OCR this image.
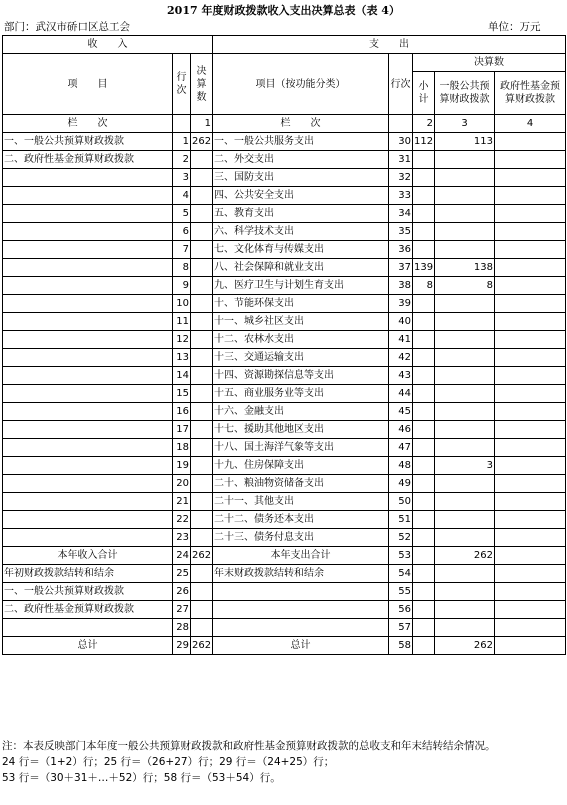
2017 年度财政拨款收入支出决算总表（表 4）
部门：武汉市硚口区总工会	单位：万元
收　　入			支　　出				
项　　目	行次	决算数	项目（按功能分类）	行次	决算数		
					小计	一般公共预算财政拨款	政府性基金预算财政拨款
栏　　次		1	栏　　次		2	3	4
一、一般公共预算财政拨款	1	262	一、一般公共服务支出	30	112	113	
二、政府性基金预算财政拨款	2		二、外交支出	31			
	3		三、国防支出	32			
	4		四、公共安全支出	33			
	5		五、教育支出	34			
	6		六、科学技术支出	35			
	7		七、文化体育与传媒支出	36			
	8		八、社会保障和就业支出	37	139	138	
	9		九、医疗卫生与计划生育支出	38	8	8	
	10		十、节能环保支出	39			
	11		十一、城乡社区支出	40			
	12		十二、农林水支出	41			
	13		十三、交通运输支出	42			
	14		十四、资源勘探信息等支出	43			
	15		十五、商业服务业等支出	44			
	16		十六、金融支出	45			
	17		十七、援助其他地区支出	46			
	18		十八、国土海洋气象等支出	47			
	19		十九、住房保障支出	48		3	
	20		二十、粮油物资储备支出	49			
	21		二十一、其他支出	50			
	22		二十二、债务还本支出	51			
	23		二十三、债务付息支出	52			
本年收入合计	24	262	本年支出合计	53		262	
年初财政拨款结转和结余	25		年末财政拨款结转和结余	54			
一、一般公共预算财政拨款	26			55			
二、政府性基金预算财政拨款	27			56			
	28			57			
总计	29	262	总计	58		262	

注：本表反映部门本年度一般公共预算财政拨款和政府性基金预算财政拨款的总收支和年末结转结余情况。

24 行＝（1+2）行；25 行＝（26+27）行；29 行＝（24+25）行；

53 行＝（30＋31＋…＋52）行；58 行＝（53＋54）行。
